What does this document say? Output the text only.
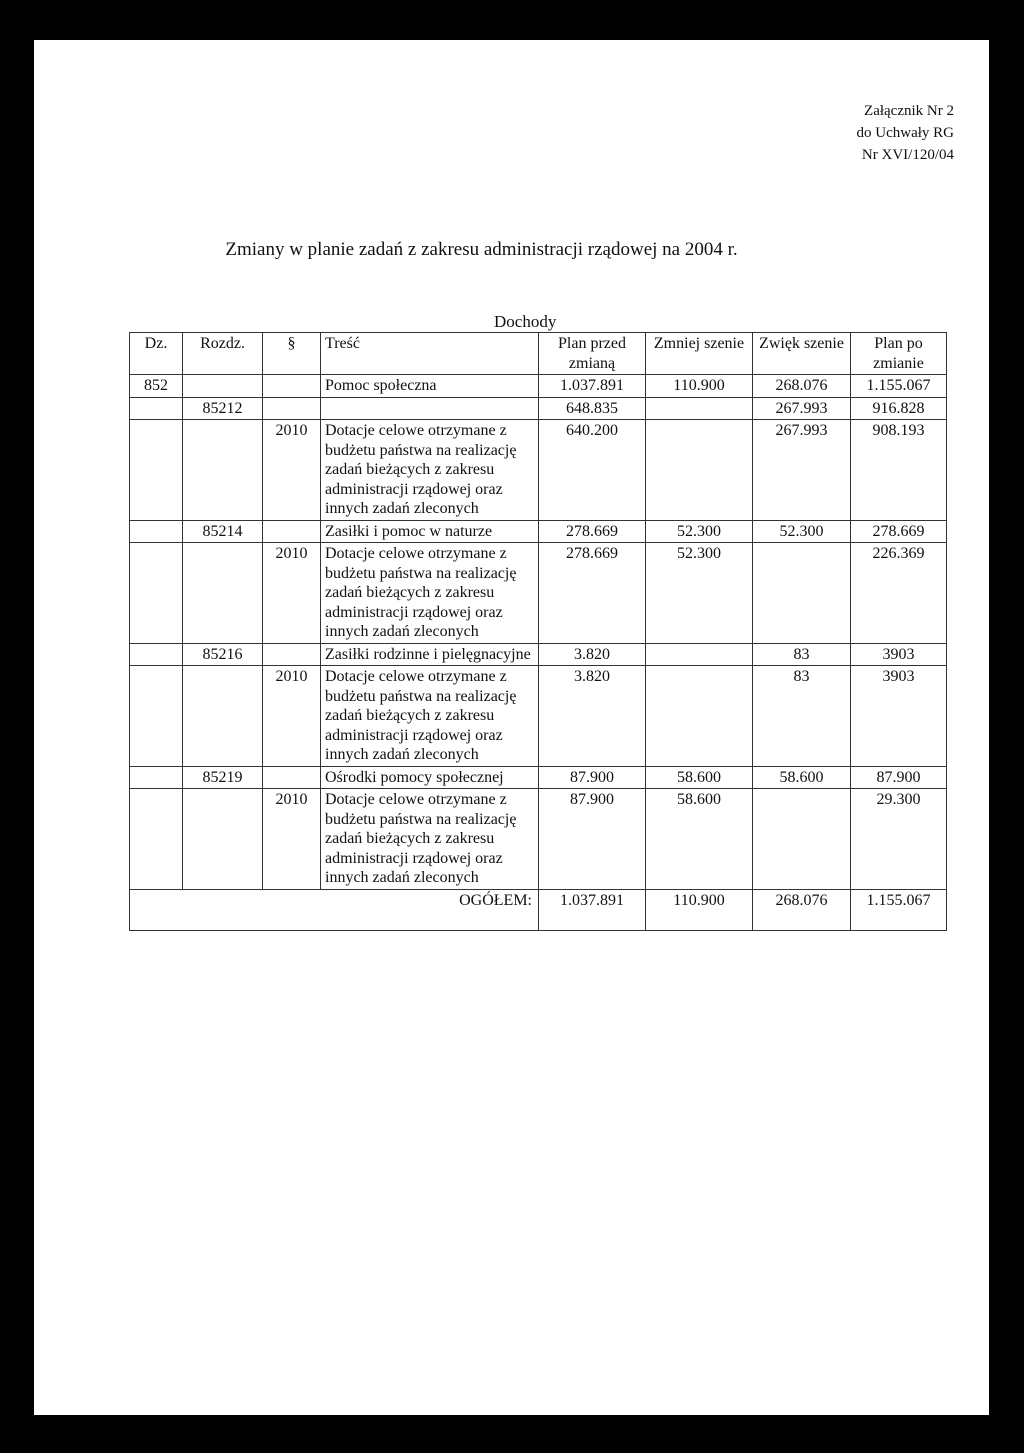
Załącznik Nr 2
do Uchwały RG
Nr XVI/120/04
Zmiany w planie zadań z zakresu administracji rządowej na 2004 r.
Dochody
Dz.	Rozdz.	§	Treść	Plan przed zmianą	Zmniej szenie	Zwięk szenie	Plan po zmianie
852			Pomoc społeczna	1.037.891	110.900	268.076	1.155.067
	85212			648.835		267.993	916.828
		2010	Dotacje celowe otrzymane z budżetu państwa na realizację zadań bieżących z zakresu administracji rządowej oraz innych zadań zleconych	640.200		267.993	908.193
	85214		Zasiłki i pomoc w naturze	278.669	52.300	52.300	278.669
		2010	Dotacje celowe otrzymane z budżetu państwa na realizację zadań bieżących z zakresu administracji rządowej oraz innych zadań zleconych	278.669	52.300		226.369
	85216		Zasiłki rodzinne i pielęgnacyjne	3.820		83	3903
		2010	Dotacje celowe otrzymane z budżetu państwa na realizację zadań bieżących z zakresu administracji rządowej oraz innych zadań zleconych	3.820		83	3903
	85219		Ośrodki pomocy społecznej	87.900	58.600	58.600	87.900
		2010	Dotacje celowe otrzymane z budżetu państwa na realizację zadań bieżących z zakresu administracji rządowej oraz innych zadań zleconych	87.900	58.600		29.300
OGÓŁEM:				1.037.891	110.900	268.076	1.155.067
